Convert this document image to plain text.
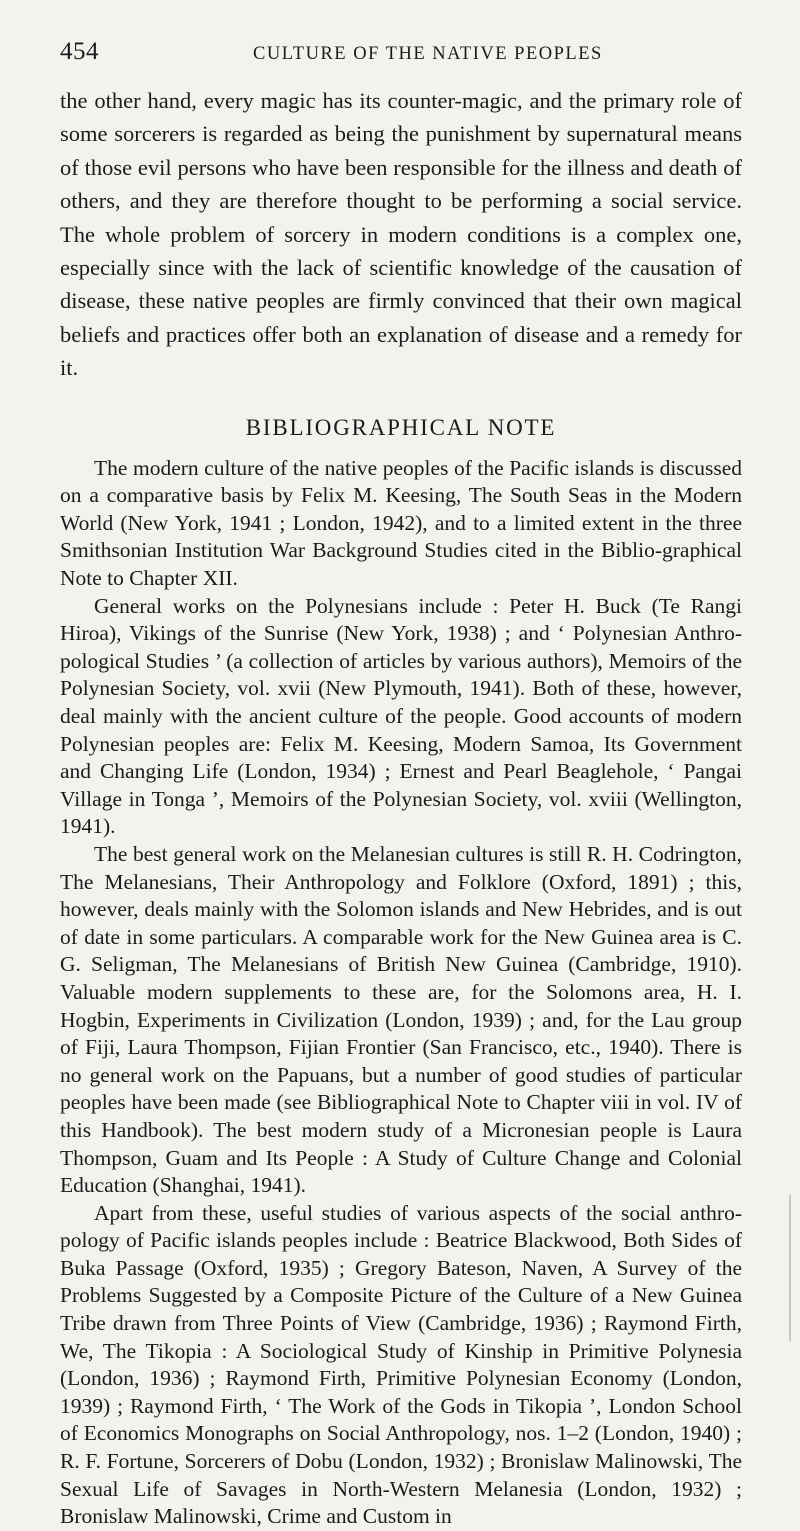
454	CULTURE OF THE NATIVE PEOPLES

the other hand, every magic has its counter-magic, and the primary role of some sorcerers is regarded as being the punishment by supernatural means of those evil persons who have been responsible for the illness and death of others, and they are therefore thought to be performing a social service. The whole problem of sorcery in modern conditions is a complex one, especially since with the lack of scientific knowledge of the causation of disease, these native peoples are firmly convinced that their own magical beliefs and practices offer both an explanation of disease and a remedy for it.

BIBLIOGRAPHICAL NOTE

The modern culture of the native peoples of the Pacific islands is discussed on a comparative basis by Felix M. Keesing, The South Seas in the Modern World (New York, 1941 ; London, 1942), and to a limited extent in the three Smithsonian Institution War Background Studies cited in the Biblio-graphical Note to Chapter XII.

General works on the Polynesians include : Peter H. Buck (Te Rangi Hiroa), Vikings of the Sunrise (New York, 1938) ; and ‘ Polynesian Anthro-pological Studies ’ (a collection of articles by various authors), Memoirs of the Polynesian Society, vol. xvii (New Plymouth, 1941). Both of these, however, deal mainly with the ancient culture of the people. Good accounts of modern Polynesian peoples are: Felix M. Keesing, Modern Samoa, Its Government and Changing Life (London, 1934) ; Ernest and Pearl Beaglehole, ‘ Pangai Village in Tonga ’, Memoirs of the Polynesian Society, vol. xviii (Wellington, 1941).

The best general work on the Melanesian cultures is still R. H. Codrington, The Melanesians, Their Anthropology and Folklore (Oxford, 1891) ; this, however, deals mainly with the Solomon islands and New Hebrides, and is out of date in some particulars. A comparable work for the New Guinea area is C. G. Seligman, The Melanesians of British New Guinea (Cambridge, 1910). Valuable modern supplements to these are, for the Solomons area, H. I. Hogbin, Experiments in Civilization (London, 1939) ; and, for the Lau group of Fiji, Laura Thompson, Fijian Frontier (San Francisco, etc., 1940). There is no general work on the Papuans, but a number of good studies of particular peoples have been made (see Bibliographical Note to Chapter viii in vol. IV of this Handbook). The best modern study of a Micronesian people is Laura Thompson, Guam and Its People : A Study of Culture Change and Colonial Education (Shanghai, 1941).

Apart from these, useful studies of various aspects of the social anthro-pology of Pacific islands peoples include : Beatrice Blackwood, Both Sides of Buka Passage (Oxford, 1935) ; Gregory Bateson, Naven, A Survey of the Problems Suggested by a Composite Picture of the Culture of a New Guinea Tribe drawn from Three Points of View (Cambridge, 1936) ; Raymond Firth, We, The Tikopia : A Sociological Study of Kinship in Primitive Polynesia (London, 1936) ; Raymond Firth, Primitive Polynesian Economy (London, 1939) ; Raymond Firth, ‘ The Work of the Gods in Tikopia ’, London School of Economics Monographs on Social Anthropology, nos. 1–2 (London, 1940) ; R. F. Fortune, Sorcerers of Dobu (London, 1932) ; Bronislaw Malinowski, The Sexual Life of Savages in North-Western Melanesia (London, 1932) ; Bronislaw Malinowski, Crime and Custom in
